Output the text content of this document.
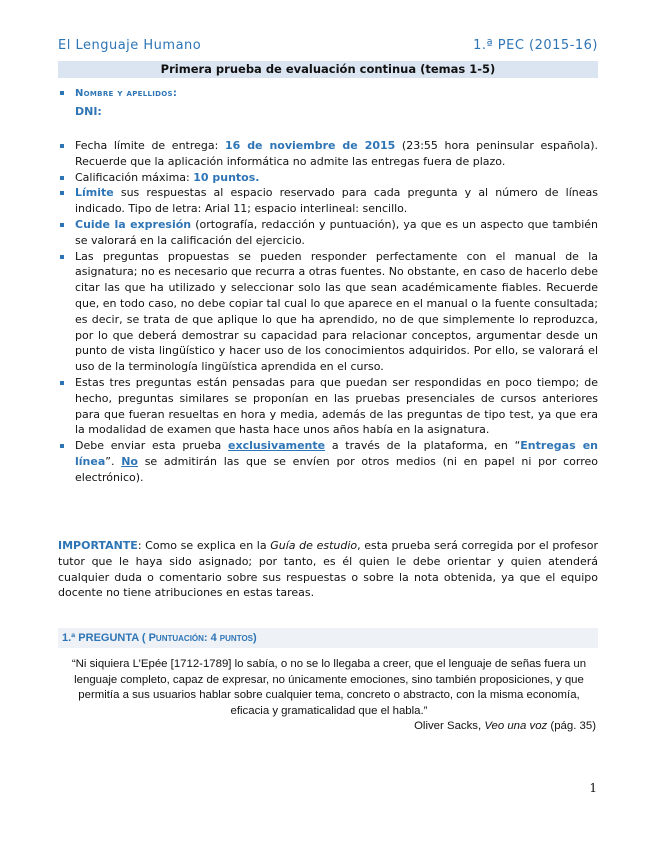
El Lenguaje Humano	1.ª PEC (2015-16)
Primera prueba de evaluación continua (temas 1-5)
Nombre y apellidos:
DNI:
Fecha límite de entrega: 16 de noviembre de 2015 (23:55 hora peninsular española). Recuerde que la aplicación informática no admite las entregas fuera de plazo.
Calificación máxima: 10 puntos.
Límite sus respuestas al espacio reservado para cada pregunta y al número de líneas indicado. Tipo de letra: Arial 11; espacio interlineal: sencillo.
Cuide la expresión (ortografía, redacción y puntuación), ya que es un aspecto que también se valorará en la calificación del ejercicio.
Las preguntas propuestas se pueden responder perfectamente con el manual de la asignatura; no es necesario que recurra a otras fuentes. No obstante, en caso de hacerlo debe citar las que ha utilizado y seleccionar solo las que sean académicamente fiables. Recuerde que, en todo caso, no debe copiar tal cual lo que aparece en el manual o la fuente consultada; es decir, se trata de que aplique lo que ha aprendido, no de que simplemente lo reproduzca, por lo que deberá demostrar su capacidad para relacionar conceptos, argumentar desde un punto de vista lingüístico y hacer uso de los conocimientos adquiridos. Por ello, se valorará el uso de la terminología lingüística aprendida en el curso.
Estas tres preguntas están pensadas para que puedan ser respondidas en poco tiempo; de hecho, preguntas similares se proponían en las pruebas presenciales de cursos anteriores para que fueran resueltas en hora y media, además de las preguntas de tipo test, ya que era la modalidad de examen que hasta hace unos años había en la asignatura.
Debe enviar esta prueba exclusivamente a través de la plataforma, en “Entregas en línea”. No se admitirán las que se envíen por otros medios (ni en papel ni por correo electrónico).
IMPORTANTE: Como se explica en la Guía de estudio, esta prueba será corregida por el profesor tutor que le haya sido asignado; por tanto, es él quien le debe orientar y quien atenderá cualquier duda o comentario sobre sus respuestas o sobre la nota obtenida, ya que el equipo docente no tiene atribuciones en estas tareas.
1.ª PREGUNTA ( Puntuación: 4 puntos)
“Ni siquiera L’Epée [1712-1789] lo sabía, o no se lo llegaba a creer, que el lenguaje de señas fuera un lenguaje completo, capaz de expresar, no únicamente emociones, sino también proposiciones, y que permitía a sus usuarios hablar sobre cualquier tema, concreto o abstracto, con la misma economía, eficacia y gramaticalidad que el habla.”
Oliver Sacks, Veo una voz (pág. 35)
1
